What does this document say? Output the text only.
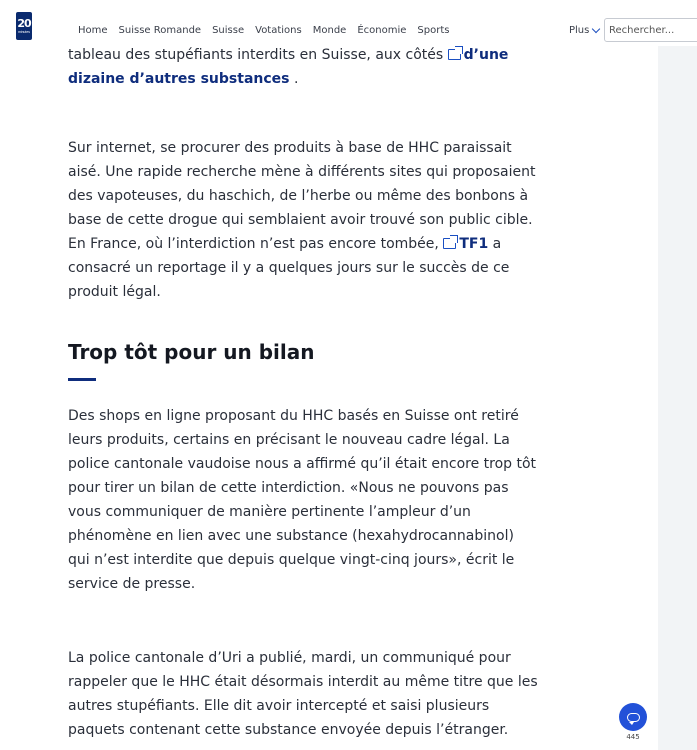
20
minutes	Home Suisse Romande Suisse Votations Monde Économie Sports	Plus
Rechercher...

tableau des stupéfiants interdits en Suisse, aux côtés d’une dizaine d’autres substances .

Sur internet, se procurer des produits à base de HHC paraissait aisé. Une rapide recherche mène à différents sites qui proposaient des vapoteuses, du haschich, de l’herbe ou même des bonbons à base de cette drogue qui semblaient avoir trouvé son public cible. En France, où l’interdiction n’est pas encore tombée, TF1 a consacré un reportage il y a quelques jours sur le succès de ce produit légal.

Des shops en ligne proposant du HHC basés en Suisse ont retiré leurs produits, certains en précisant le nouveau cadre légal. La police cantonale vaudoise nous a affirmé qu’il était encore trop tôt pour tirer un bilan de cette interdiction. «Nous ne pouvons pas vous communiquer de manière pertinente l’ampleur d’un phénomène en lien avec une substance (hexahydrocannabinol) qui n’est interdite que depuis quelque vingt-cinq jours», écrit le service de presse.

La police cantonale d’Uri a publié, mardi, un communiqué pour rappeler que le HHC était désormais interdit au même titre que les autres stupéfiants. Elle dit avoir intercepté et saisi plusieurs paquets contenant cette substance envoyée depuis l’étranger.

Trop tôt pour un bilan
445
